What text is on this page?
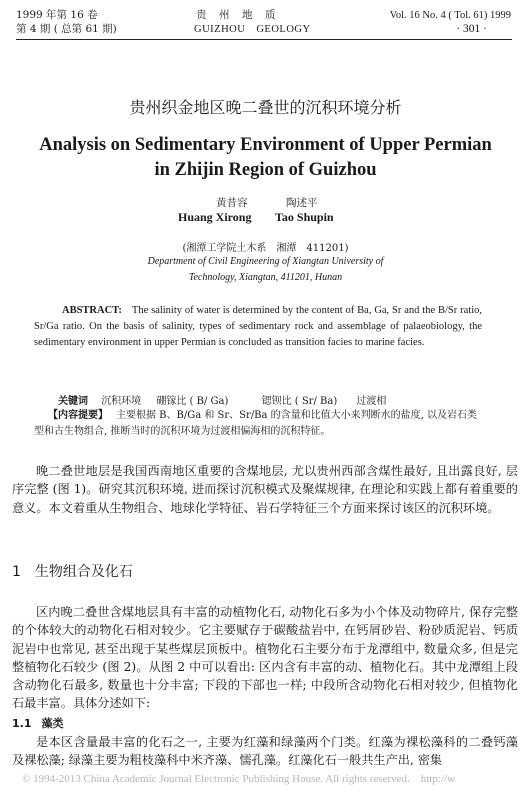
1999 年第 16 卷
第 4 期 ( 总第 61 期)
贵　州　地　质
GUIZHOU　GEOLOGY
Vol. 16 No. 4 ( Tol. 61) 1999
· 301 ·
贵州织金地区晚二叠世的沉积环境分析
Analysis on Sedimentary Environment of Upper Permian
in Zhijin Region of Guizhou
黄昔容	陶述平
Huang Xirong Tao Shupin
(湘潭工学院土木系　湘潭　411201)
Department of Civil Engineering of Xiangtan University of
Technology, Xiangtan, 411201, Hunan
ABSTRACT: The salinity of water is determined by the content of Ba, Ga, Sr and the B/Sr ratio, Sr/Ga ratio. On the basis of salinity, types of sedimentary rock and assemblage of palaeobiology, the sedimentary environment in upper Permian is concluded as transition facies to marine facies.
关键词 沉积环境 硼镓比 ( B/ Ga)	锶钡比 ( Sr/ Ba) 过渡相
【内容提要】 主要根据 B、B/Ga 和 Sr、Sr/Ba 的含量和比值大小来判断水的盐度, 以及岩石类型和古生物组合, 推断当时的沉积环境为过渡相偏海相的沉积特征。
晚二叠世地层是我国西南地区重要的含煤地层, 尤以贵州西部含煤性最好, 且出露良好, 层序完整 (图 1)。研究其沉积环境, 进而探讨沉积模式及聚煤规律, 在理论和实践上都有着重要的意义。本文着重从生物组合、地球化学特征、岩石学特征三个方面来探讨该区的沉积环境。
1 生物组合及化石
区内晚二叠世含煤地层具有丰富的动植物化石, 动物化石多为小个体及动物碎片, 保存完整的个体较大的动物化石相对较少。它主要赋存于碳酸盐岩中, 在钙屑砂岩、粉砂质泥岩、钙质泥岩中也常见, 甚至出现于某些煤层顶板中。植物化石主要分布于龙潭组中, 数量众多, 但是完整植物化石较少 (图 2)。从图 2 中可以看出: 区内含有丰富的动、植物化石。其中龙潭组上段含动物化石最多, 数量也十分丰富; 下段的下部也一样; 中段所含动物化石相对较少, 但植物化石最丰富。具体分述如下:
1.1 藻类
是本区含量最丰富的化石之一, 主要为红藻和绿藻两个门类。红藻为裸松藻科的二叠钙藻及裸松藻; 绿藻主要为粗枝藻科中米齐藻、懦孔藻。红藻化石一般共生产出, 密集
© 1994-2013 China Academic Journal Electronic Publishing House. All rights reserved.　http://w
